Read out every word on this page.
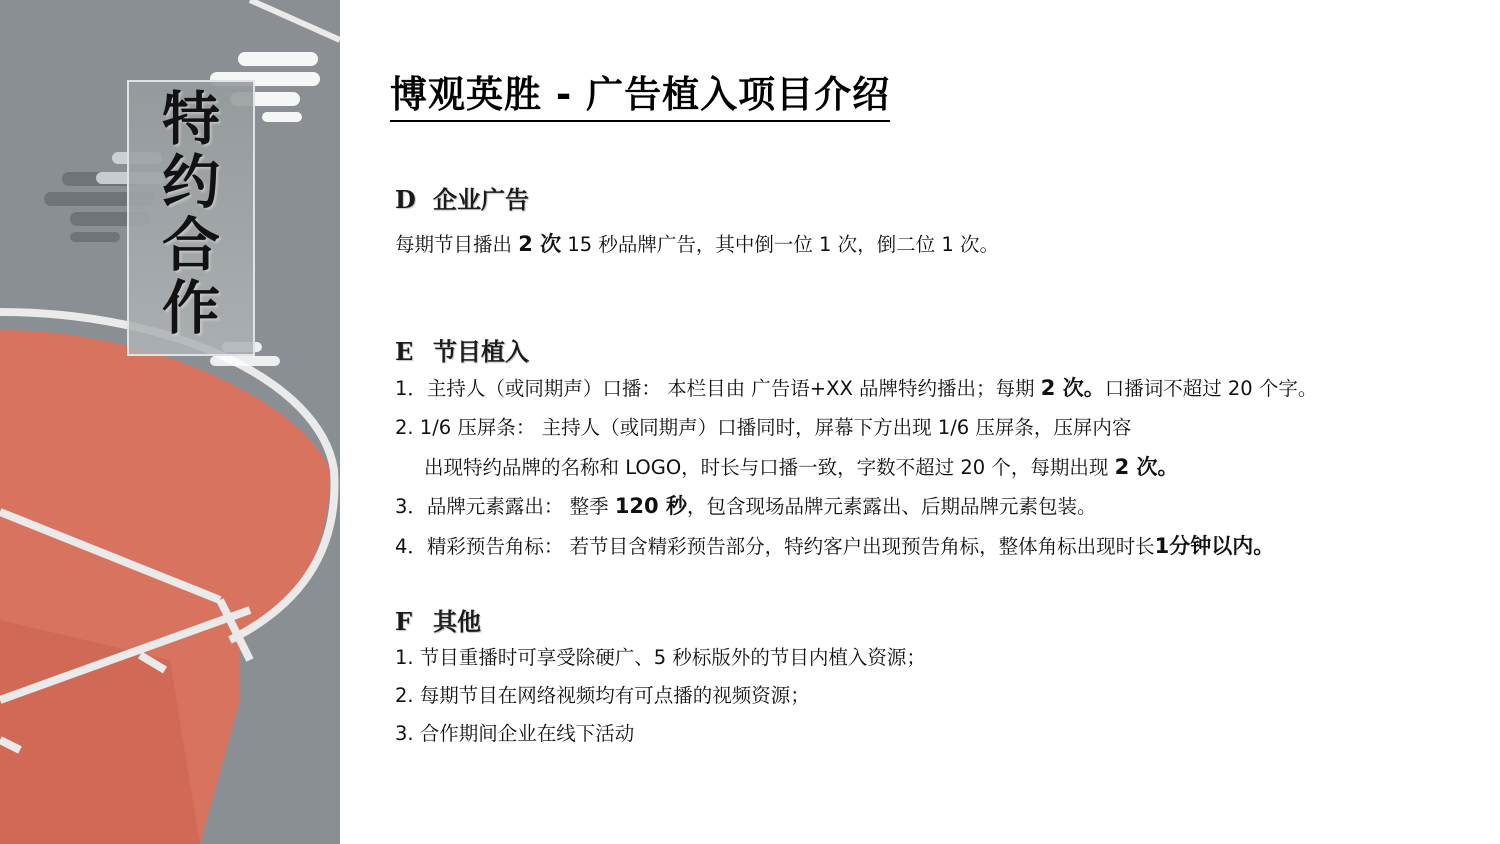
特
约
合
作
博观英胜 - 广告植入项目介绍
D 企业广告
每期节目播出 2 次 15 秒品牌广告，其中倒一位 1 次，倒二位 1 次。
E 节目植入
1．主持人（或同期声）口播： 本栏目由 广告语+XX 品牌特约播出；每期 2 次。口播词不超过 20 个字。
2. 1/6 压屏条： 主持人（或同期声）口播同时，屏幕下方出现 1/6 压屏条，压屏内容
出现特约品牌的名称和 LOGO，时长与口播一致，字数不超过 20 个，每期出现 2 次。
3．品牌元素露出： 整季 120 秒，包含现场品牌元素露出、后期品牌元素包装。
4．精彩预告角标： 若节目含精彩预告部分，特约客户出现预告角标，整体角标出现时长1分钟以内。
F 其他
1. 节目重播时可享受除硬广、5 秒标版外的节目内植入资源；
2. 每期节目在网络视频均有可点播的视频资源；
3. 合作期间企业在线下活动
